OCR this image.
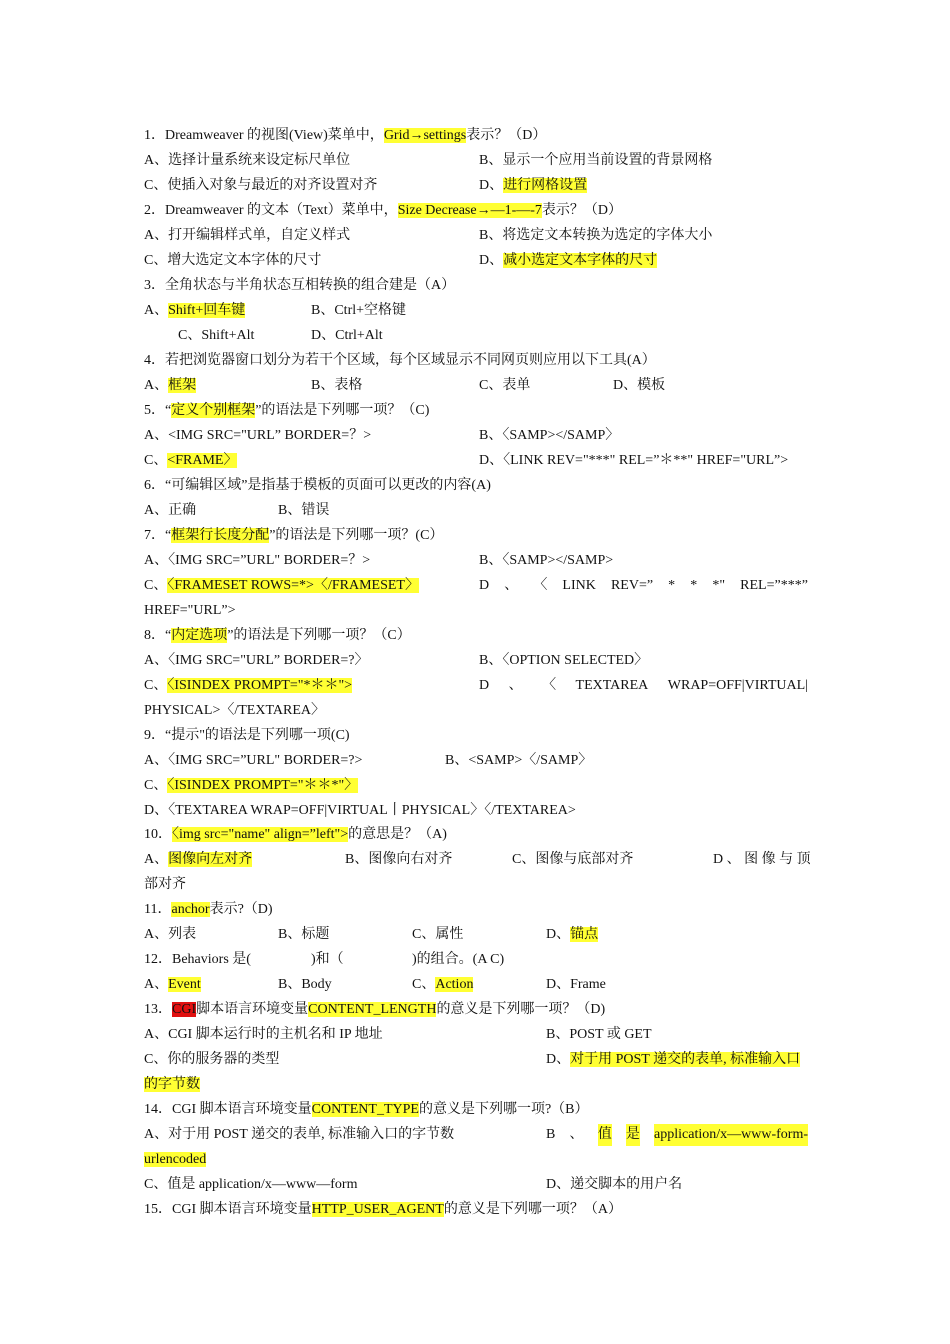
1．Dreamweaver 的视图(View)菜单中，Grid→settings表示？（D）
A、选择计量系统来设定标尺单位	B、显示一个应用当前设置的背景网格
C、使插入对象与最近的对齐设置对齐	D、进行网格设置
2．Dreamweaver 的文本（Text）菜单中，Size Decrease→—1-—-7表示？（D）
A、打开编辑样式单，自定义样式	B、将选定文本转换为选定的字体大小
C、增大选定文本字体的尺寸	D、减小选定文本字体的尺寸
3．全角状态与半角状态互相转换的组合建是（A）
A、Shift+回车键	B、Ctrl+空格键
C、Shift+Alt	D、Ctrl+Alt
4．若把浏览器窗口划分为若干个区域，每个区域显示不同网页则应用以下工具(A）
A、框架	B、表格	C、表单	D、模板
5．“定义个别框架”的语法是下列哪一项？（C)
A、<IMG SRC="URL” BORDER=？>	B、〈SAMP></SAMP〉
C、<FRAME〉	D、〈LINK REV="***" REL=”＊**" HREF="URL”>
6．“可编辑区域”是指基于模板的页面可以更改的内容(A)
A、正确	B、错误
7．“框架行长度分配”的语法是下列哪一项？(C）
A、〈IMG SRC=”URL" BORDER=？>	B、〈SAMP></SAMP>
C、〈FRAMESET ROWS=*>〈/FRAMESET〉	D 、 〈 LINK REV=” * * *" REL=”***”
HREF="URL”>
8．“内定选项”的语法是下列哪一项？（C）
A、〈IMG SRC="URL” BORDER=?〉	B、〈OPTION SELECTED〉
C、〈ISINDEX PROMPT="*＊＊">	D 、 〈 TEXTAREA WRAP=OFF|VIRTUAL|
PHYSICAL>〈/TEXTAREA〉
9．“提示"的语法是下列哪一项(C)
A、〈IMG SRC=”URL" BORDER=?>	B、<SAMP>〈/SAMP〉
C、〈ISINDEX PROMPT="＊＊*"〉
D、〈TEXTAREA WRAP=OFF|VIRTUAL丨PHYSICAL〉〈/TEXTAREA>
10．〈img src="name" align=”left">的意思是？（A)
A、图像向左对齐	B、图像向右对齐	C、图像与底部对齐	D 、 图 像 与 顶
部对齐
11．anchor表示?（D)
A、列表	B、标题	C、属性	D、锚点
12．Behaviors 是(	)和（	)的组合。(A C)
A、Event	B、Body	C、Action	D、Frame
13．CGI脚本语言环境变量CONTENT_LENGTH的意义是下列哪一项？（D)
A、CGI 脚本运行时的主机名和 IP 地址	B、POST 或 GET
C、你的服务器的类型	D、对于用 POST 递交的表单, 标准输入口
的字节数
14．CGI 脚本语言环境变量CONTENT_TYPE的意义是下列哪一项?（B）
A、对于用 POST 递交的表单, 标准输入口的字节数	B 、 值 是 application/x—www-form-
urlencoded
C、值是 application/x—www—form	D、递交脚本的用户名
15．CGI 脚本语言环境变量HTTP_USER_AGENT的意义是下列哪一项？（A）
